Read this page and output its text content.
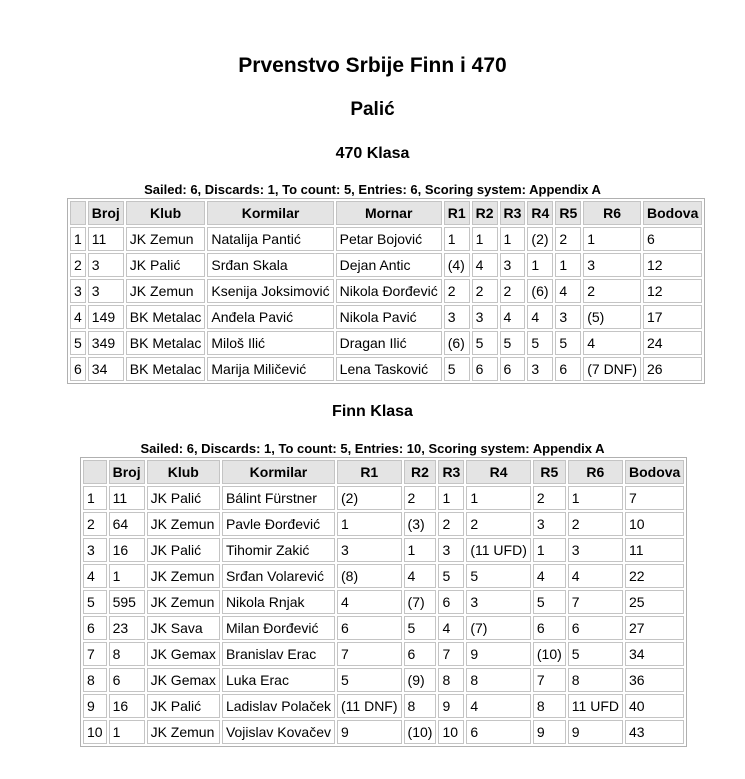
Prvenstvo Srbije Finn i 470
Palić
470 Klasa
Sailed: 6, Discards: 1, To count: 5, Entries: 6, Scoring system: Appendix A
	Broj	Klub	Kormilar	Mornar	R1	R2	R3	R4	R5	R6	Bodova
1	11	JK Zemun	Natalija Pantić	Petar Bojović	1	1	1	(2)	2	1	6
2	3	JK Palić	Srđan Skala	Dejan Antic	(4)	4	3	1	1	3	12
3	3	JK Zemun	Ksenija Joksimović	Nikola Đorđević	2	2	2	(6)	4	2	12
4	149	BK Metalac	Anđela Pavić	Nikola Pavić	3	3	4	4	3	(5)	17
5	349	BK Metalac	Miloš Ilić	Dragan Ilić	(6)	5	5	5	5	4	24
6	34	BK Metalac	Marija Miličević	Lena Tasković	5	6	6	3	6	(7 DNF)	26
Finn Klasa
Sailed: 6, Discards: 1, To count: 5, Entries: 10, Scoring system: Appendix A
	Broj	Klub	Kormilar	R1	R2	R3	R4	R5	R6	Bodova
1	11	JK Palić	Bálint Fürstner	(2)	2	1	1	2	1	7
2	64	JK Zemun	Pavle Đorđević	1	(3)	2	2	3	2	10
3	16	JK Palić	Tihomir Zakić	3	1	3	(11 UFD)	1	3	11
4	1	JK Zemun	Srđan Volarević	(8)	4	5	5	4	4	22
5	595	JK Zemun	Nikola Rnjak	4	(7)	6	3	5	7	25
6	23	JK Sava	Milan Đorđević	6	5	4	(7)	6	6	27
7	8	JK Gemax	Branislav Erac	7	6	7	9	(10)	5	34
8	6	JK Gemax	Luka Erac	5	(9)	8	8	7	8	36
9	16	JK Palić	Ladislav Polaček	(11 DNF)	8	9	4	8	11 UFD	40
10	1	JK Zemun	Vojislav Kovačev	9	(10)	10	6	9	9	43
